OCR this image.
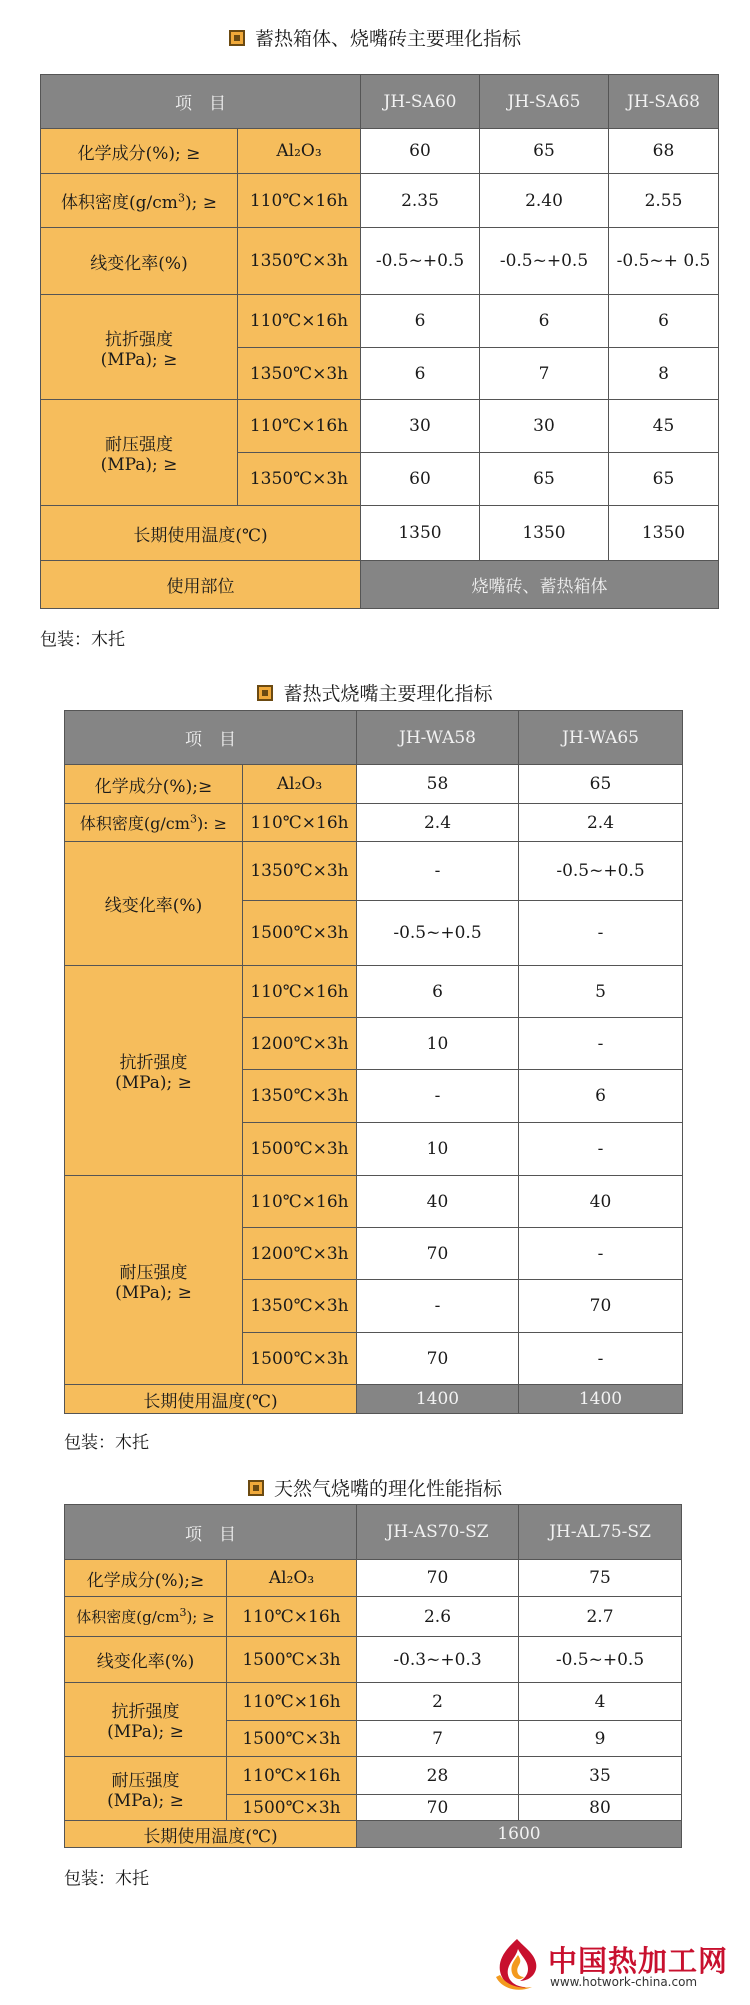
蓄热箱体、烧嘴砖主要理化指标
项　目		JH-SA60	JH-SA65	JH-SA68
化学成分(%); ≥	Al₂O₃	60	65	68
体积密度$(g/cm^3)$; ≥	110℃×16h	2.35	2.40	2.55
线变化率(%)	1350℃×3h	-0.5~+0.5	-0.5~+0.5	-0.5~+ 0.5
抗折强度
(MPa); ≥	110℃×16h	6	6	6
	1350℃×3h	6	7	8
耐压强度
(MPa); ≥	110℃×16h	30	30	45
	1350℃×3h	60	65	65
长期使用温度(℃)		1350	1350	1350
使用部位		烧嘴砖、蓄热箱体		
包装：木托
蓄热式烧嘴主要理化指标
项　目		JH-WA58	JH-WA65
化学成分(%);≥	Al₂O₃	58	65
体积密度$(g/cm^3)$: ≥	110℃×16h	2.4	2.4
线变化率(%)	1350℃×3h	-	-0.5~+0.5
	1500℃×3h	-0.5~+0.5	-
抗折强度
(MPa); ≥	110℃×16h	6	5
	1200℃×3h	10	-
	1350℃×3h	-	6
	1500℃×3h	10	-
耐压强度
(MPa); ≥	110℃×16h	40	40
	1200℃×3h	70	-
	1350℃×3h	-	70
	1500℃×3h	70	-
长期使用温度(℃)		1400	1400
包装：木托
天然气烧嘴的理化性能指标
项　目		JH-AS70-SZ	JH-AL75-SZ
化学成分(%);≥	Al₂O₃	70	75
体积密度$(g/cm^3)$; ≥	110℃×16h	2.6	2.7
线变化率(%)	1500℃×3h	-0.3~+0.3	-0.5~+0.5
抗折强度
(MPa); ≥	110℃×16h	2	4
	1500℃×3h	7	9
耐压强度
(MPa); ≥	110℃×16h	28	35
	1500℃×3h	70	80
长期使用温度(℃)		1600	
包装：木托
中国热加工网
www.hotwork-china.com
